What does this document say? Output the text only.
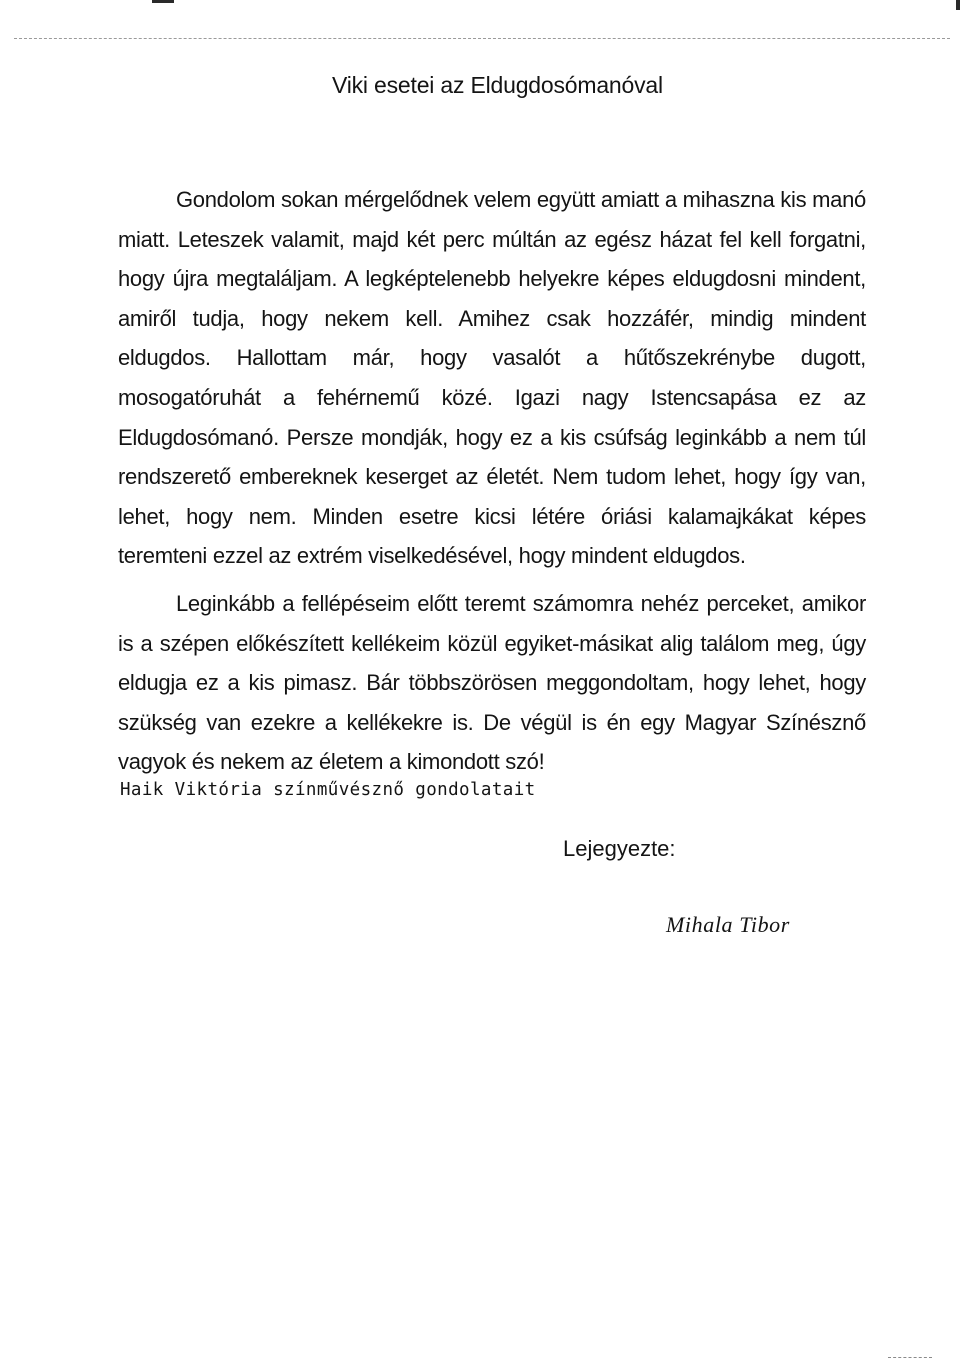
Viki esetei az Eldugdosómanóval

Gondolom sokan mérgelődnek velem együtt amiatt a mihaszna kis manó miatt. Leteszek valamit, majd két perc múltán az egész házat fel kell forgatni, hogy újra megtaláljam. A legképtelenebb helyekre képes eldugdosni mindent, amiről tudja, hogy nekem kell. Amihez csak hozzáfér, mindig mindent eldugdos. Hallottam már, hogy vasalót a hűtőszekrénybe dugott, mosogatóruhát a fehérnemű közé. Igazi nagy Istencsapása ez az Eldugdosómanó. Persze mondják, hogy ez a kis csúfság leginkább a nem túl rendszerető embereknek keserget az életét. Nem tudom lehet, hogy így van, lehet, hogy nem. Minden esetre kicsi létére óriási kalamajkákat képes teremteni ezzel az extrém viselkedésével, hogy mindent eldugdos.

Leginkább a fellépéseim előtt teremt számomra nehéz perceket, amikor is a szépen előkészített kellékeim közül egyiket-másikat alig találom meg, úgy eldugja ez a kis pimasz. Bár többszörösen meggondoltam, hogy lehet, hogy szükség van ezekre a kellékekre is. De végül is én egy Magyar Színésznő vagyok és nekem az életem a kimondott szó!

Haik Viktória színművésznő gondolatait
Lejegyezte:
Mihala Tibor
